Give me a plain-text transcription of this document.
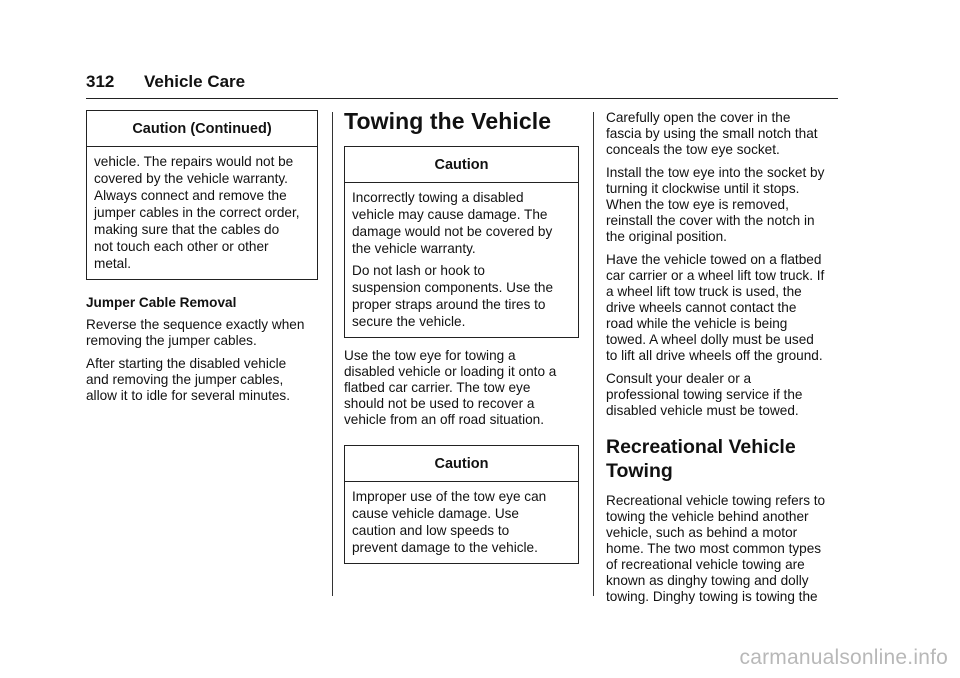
312 Vehicle Care
Caution (Continued)

vehicle. The repairs would not be
covered by the vehicle warranty.
Always connect and remove the
jumper cables in the correct order,
making sure that the cables do
not touch each other or other
metal.

Jumper Cable Removal

Reverse the sequence exactly when
removing the jumper cables.

After starting the disabled vehicle
and removing the jumper cables,
allow it to idle for several minutes.

Towing the Vehicle
Caution

Incorrectly towing a disabled
vehicle may cause damage. The
damage would not be covered by
the vehicle warranty.

Do not lash or hook to
suspension components. Use the
proper straps around the tires to
secure the vehicle.

Use the tow eye for towing a
disabled vehicle or loading it onto a
flatbed car carrier. The tow eye
should not be used to recover a
vehicle from an off road situation.

Caution

Improper use of the tow eye can
cause vehicle damage. Use
caution and low speeds to
prevent damage to the vehicle.

Carefully open the cover in the
fascia by using the small notch that
conceals the tow eye socket.

Install the tow eye into the socket by
turning it clockwise until it stops.
When the tow eye is removed,
reinstall the cover with the notch in
the original position.

Have the vehicle towed on a flatbed
car carrier or a wheel lift tow truck. If
a wheel lift tow truck is used, the
drive wheels cannot contact the
road while the vehicle is being
towed. A wheel dolly must be used
to lift all drive wheels off the ground.

Consult your dealer or a
professional towing service if the
disabled vehicle must be towed.

Recreational Vehicle
Towing

Recreational vehicle towing refers to
towing the vehicle behind another
vehicle, such as behind a motor
home. The two most common types
of recreational vehicle towing are
known as dinghy towing and dolly
towing. Dinghy towing is towing the

carmanualsonline.info
